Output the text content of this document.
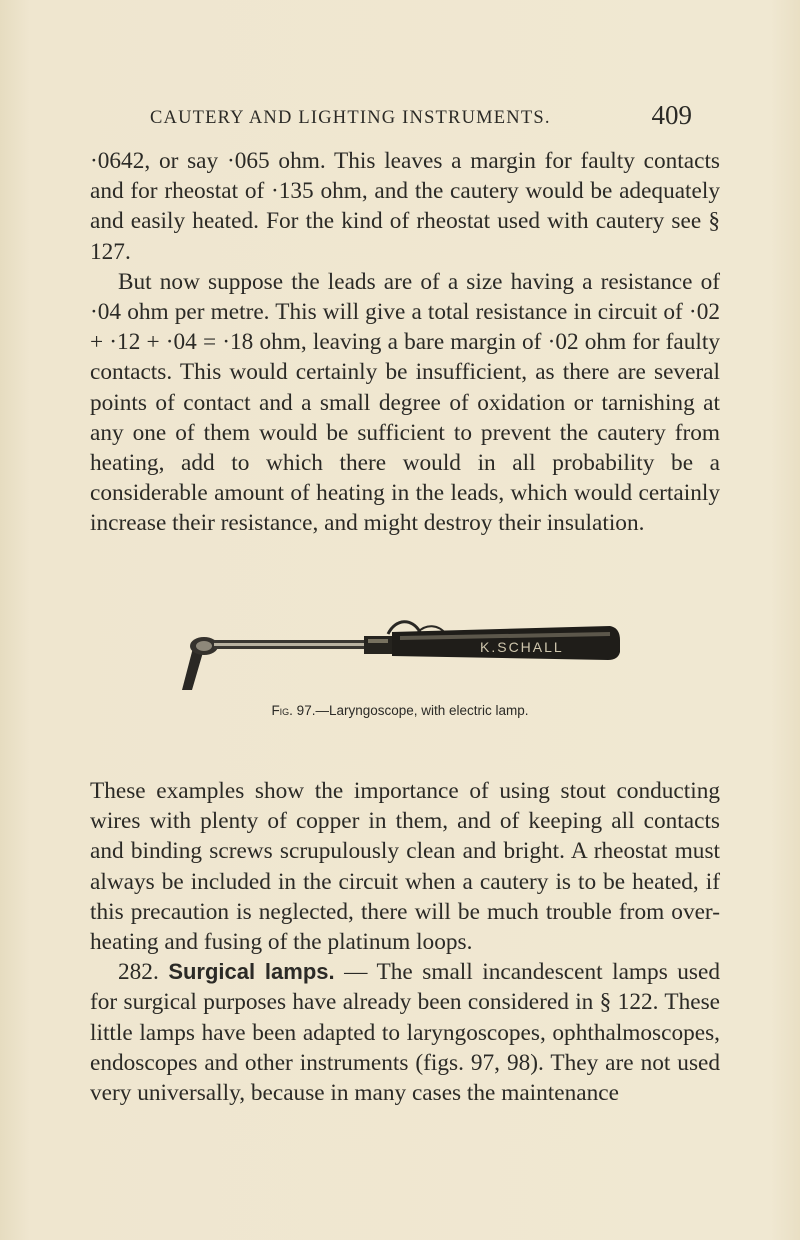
CAUTERY AND LIGHTING INSTRUMENTS.	409

·0642, or say ·065 ohm. This leaves a margin for faulty contacts and for rheostat of ·135 ohm, and the cautery would be adequately and easily heated. For the kind of rheostat used with cautery see § 127.

But now suppose the leads are of a size having a resistance of ·04 ohm per metre. This will give a total resistance in circuit of ·02 + ·12 + ·04 = ·18 ohm, leaving a bare margin of ·02 ohm for faulty contacts. This would certainly be insufficient, as there are several points of contact and a small degree of oxidation or tarnishing at any one of them would be sufficient to prevent the cautery from heating, add to which there would in all probability be a considerable amount of heating in the leads, which would certainly increase their resistance, and might destroy their insulation.

K.SCHALL
Fig. 97.—Laryngoscope, with electric lamp.

These examples show the importance of using stout conducting wires with plenty of copper in them, and of keeping all contacts and binding screws scrupulously clean and bright. A rheostat must always be included in the circuit when a cautery is to be heated, if this precaution is neglected, there will be much trouble from over-heating and fusing of the platinum loops.

282. Surgical lamps. — The small incandescent lamps used for surgical purposes have already been considered in § 122. These little lamps have been adapted to laryngoscopes, ophthalmoscopes, endoscopes and other instruments (figs. 97, 98). They are not used very universally, because in many cases the maintenance
